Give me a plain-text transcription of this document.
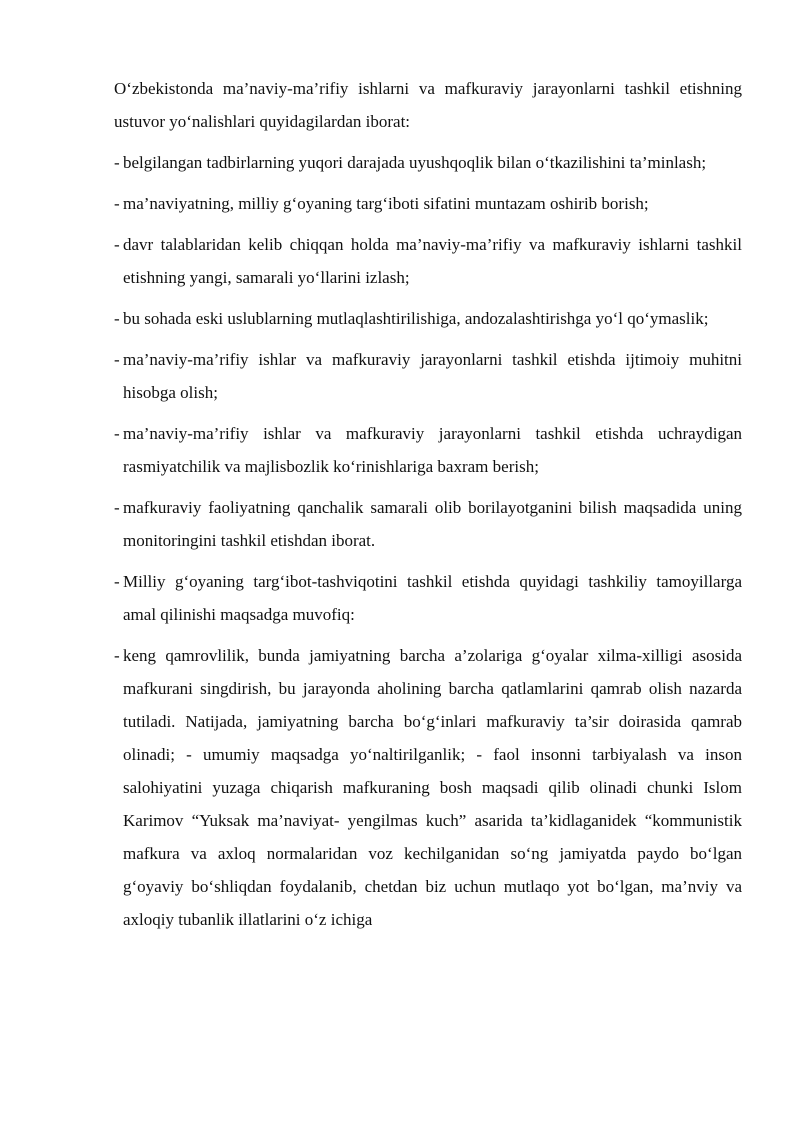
O‘zbekistonda ma’naviy-ma’rifiy ishlarni va mafkuraviy jarayonlarni tashkil etishning ustuvor yo‘nalishlari quyidagilardan iborat:

- belgilangan tadbirlarning yuqori darajada uyushqoqlik bilan o‘tkazilishini ta’minlash;
- ma’naviyatning, milliy g‘oyaning targ‘iboti sifatini muntazam oshirib borish;
- davr talablaridan kelib chiqqan holda ma’naviy-ma’rifiy va mafkuraviy ishlarni tashkil etishning yangi, samarali yo‘llarini izlash;
- bu sohada eski uslublarning mutlaqlashtirilishiga, andozalashtirishga yo‘l qo‘ymaslik;
- ma’naviy-ma’rifiy ishlar va mafkuraviy jarayonlarni tashkil etishda ijtimoiy muhitni hisobga olish;
- ma’naviy-ma’rifiy ishlar va mafkuraviy jarayonlarni tashkil etishda uchraydigan rasmiyatchilik va majlisbozlik ko‘rinishlariga baxram berish;
- mafkuraviy faoliyatning qanchalik samarali olib borilayotganini bilish maqsadida uning monitoringini tashkil etishdan iborat.
- Milliy g‘oyaning targ‘ibot-tashviqotini tashkil etishda quyidagi tashkiliy tamoyillarga amal qilinishi maqsadga muvofiq:
- keng qamrovlilik, bunda jamiyatning barcha a’zolariga g‘oyalar xilma-xilligi asosida mafkurani singdirish, bu jarayonda aholining barcha qatlamlarini qamrab olish nazarda tutiladi. Natijada, jamiyatning barcha bo‘g‘inlari mafkuraviy ta’sir doirasida qamrab olinadi; - umumiy maqsadga yo‘naltirilganlik; - faol insonni tarbiyalash va inson salohiyatini yuzaga chiqarish mafkuraning bosh maqsadi qilib olinadi chunki Islom Karimov “Yuksak ma’naviyat- yengilmas kuch” asarida ta’kidlaganidek “kommunistik mafkura va axloq normalaridan voz kechilganidan so‘ng jamiyatda paydo bo‘lgan g‘oyaviy bo‘shliqdan foydalanib, chetdan biz uchun mutlaqo yot bo‘lgan, ma’nviy va axloqiy tubanlik illatlarini o‘z ichiga
